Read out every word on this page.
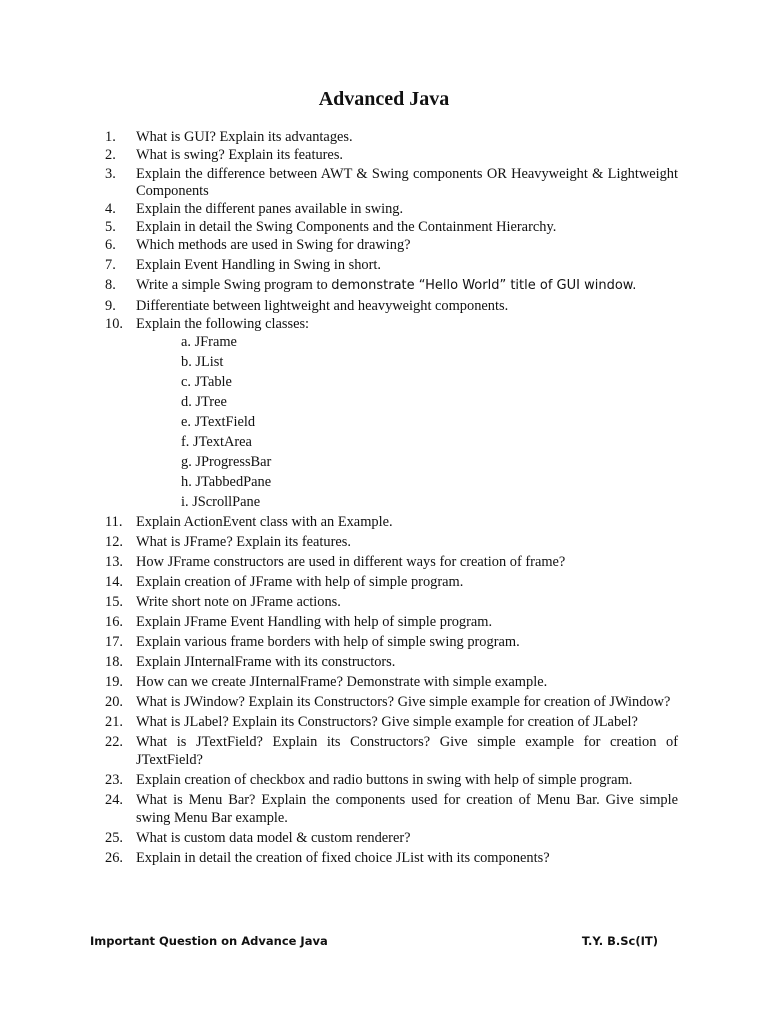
Advanced Java
1. What is GUI? Explain its advantages.
2. What is swing? Explain its features.
3. Explain the difference between AWT & Swing components OR Heavyweight & Lightweight Components
4. Explain the different panes available in swing.
5. Explain in detail the Swing Components and the Containment Hierarchy.
6. Which methods are used in Swing for drawing?
7. Explain Event Handling in Swing in short.
8. Write a simple Swing program to demonstrate “Hello World” title of GUI window.
9. Differentiate between lightweight and heavyweight components.
10. Explain the following classes:
a. JFrame
b. JList
c. JTable
d. JTree
e. JTextField
f. JTextArea
g. JProgressBar
h. JTabbedPane
i. JScrollPane
11. Explain ActionEvent class with an Example.
12. What is JFrame? Explain its features.
13. How JFrame constructors are used in different ways for creation of frame?
14. Explain creation of JFrame with help of simple program.
15. Write short note on JFrame actions.
16. Explain JFrame Event Handling with help of simple program.
17. Explain various frame borders with help of simple swing program.
18. Explain JInternalFrame with its constructors.
19. How can we create JInternalFrame? Demonstrate with simple example.
20. What is JWindow? Explain its Constructors? Give simple example for creation of JWindow?
21. What is JLabel? Explain its Constructors? Give simple example for creation of JLabel?
22. What is JTextField? Explain its Constructors? Give simple example for creation of JTextField?
23. Explain creation of checkbox and radio buttons in swing with help of simple program.
24. What is Menu Bar? Explain the components used for creation of Menu Bar. Give simple swing Menu Bar example.
25. What is custom data model & custom renderer?
26. Explain in detail the creation of fixed choice JList with its components?
Important Question on Advance Java	T.Y. B.Sc(IT)
